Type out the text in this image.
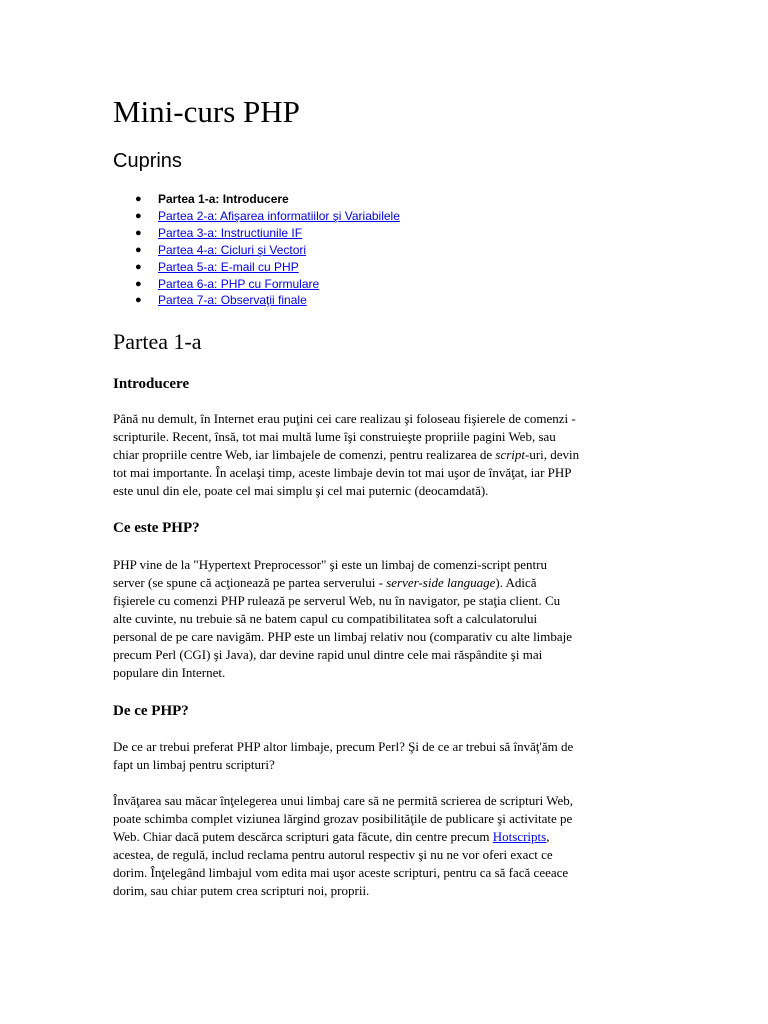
Mini-curs PHP
Cuprins
● Partea 1-a: Introducere
● Partea 2-a: Afişarea informatiilor şi Variabilele
● Partea 3-a: Instructiunile IF
● Partea 4-a: Cicluri şi Vectori
● Partea 5-a: E-mail cu PHP
● Partea 6-a: PHP cu Formulare
● Partea 7-a: Observaţii finale
Partea 1-a
Introducere

Până nu demult, în Internet erau puţini cei care realizau şi foloseau fişierele de comenzi -
scripturile. Recent, însă, tot mai multă lume îşi construieşte propriile pagini Web, sau
chiar propriile centre Web, iar limbajele de comenzi, pentru realizarea de script-uri, devin
tot mai importante. În acelaşi timp, aceste limbaje devin tot mai uşor de învăţat, iar PHP
este unul din ele, poate cel mai simplu şi cel mai puternic (deocamdată).

Ce este PHP?

PHP vine de la "Hypertext Preprocessor" şi este un limbaj de comenzi-script pentru
server (se spune că acţionează pe partea serverului - server-side language). Adică
fişierele cu comenzi PHP rulează pe serverul Web, nu în navigator, pe staţia client. Cu
alte cuvinte, nu trebuie să ne batem capul cu compatibilitatea soft a calculatorului
personal de pe care navigăm. PHP este un limbaj relativ nou (comparativ cu alte limbaje
precum Perl (CGI) şi Java), dar devine rapid unul dintre cele mai răspândite şi mai
populare din Internet.

De ce PHP?

De ce ar trebui preferat PHP altor limbaje, precum Perl? Şi de ce ar trebui să învăţ'ăm de
fapt un limbaj pentru scripturi?

Învăţarea sau măcar înţelegerea unui limbaj care să ne permită scrierea de scripturi Web,
poate schimba complet viziunea lărgind grozav posibilităţile de publicare şi activitate pe
Web. Chiar dacă putem descărca scripturi gata făcute, din centre precum Hotscripts,
acestea, de regulă, includ reclama pentru autorul respectiv şi nu ne vor oferi exact ce
dorim. Înţelegând limbajul vom edita mai uşor aceste scripturi, pentru ca să facă ceeace
dorim, sau chiar putem crea scripturi noi, proprii.
